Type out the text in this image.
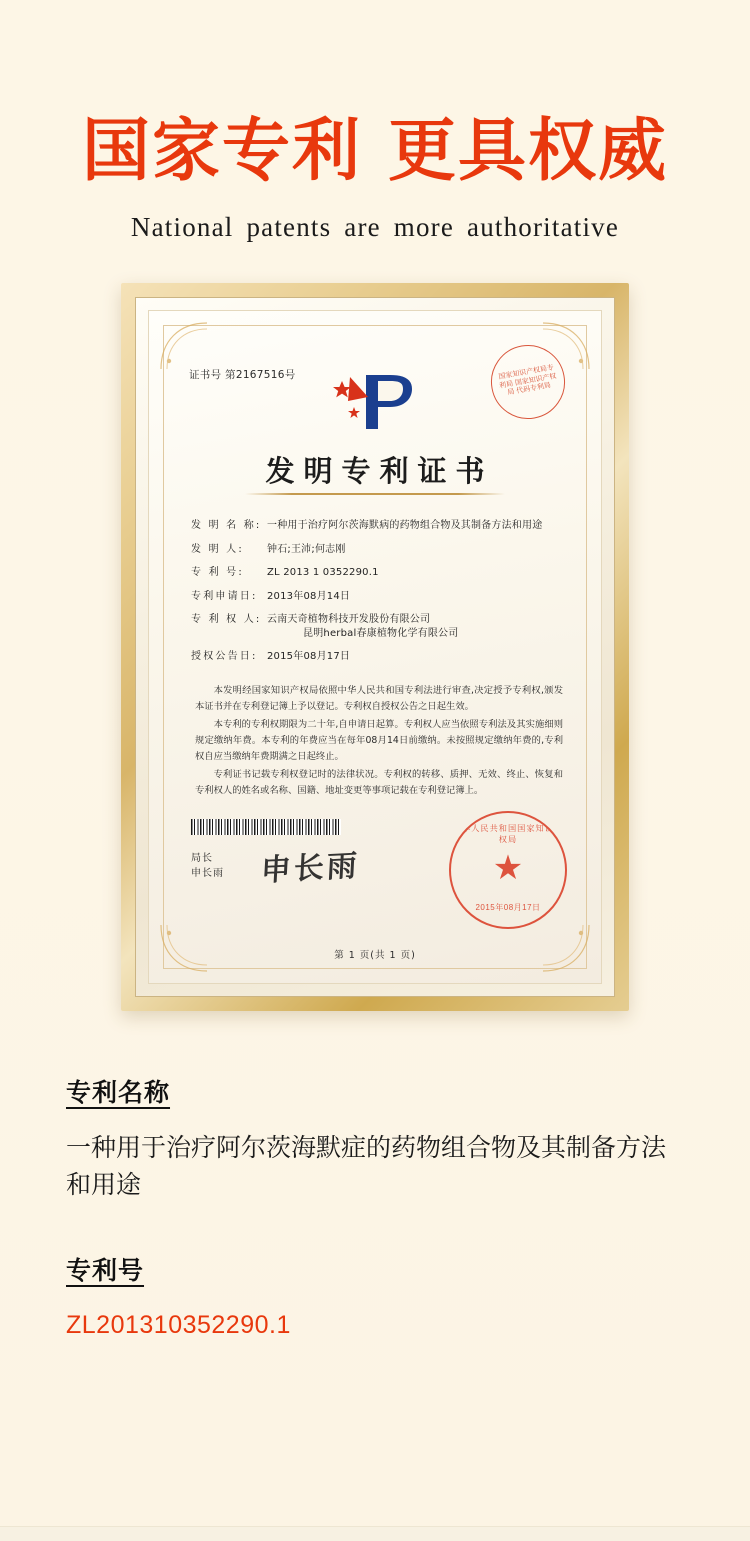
国家专利 更具权威
National patents are more authoritative
证书号 第2167516号	国家知识产权局专利局 国家知识产权局 代码专利局
发明专利证书
发 明 名 称: 一种用于治疗阿尔茨海默病的药物组合物及其制备方法和用途
发 明 人:	钟石;王沛;何志刚
专 利 号:	ZL 2013 1 0352290.1
专利申请日: 2013年08月14日
专 利 权 人: 云南天奇植物科技开发股份有限公司
昆明herbal春康植物化学有限公司
授权公告日: 2015年08月17日

本发明经国家知识产权局依照中华人民共和国专利法进行审查,决定授予专利权,颁发本证书并在专利登记簿上予以登记。专利权自授权公告之日起生效。

本专利的专利权期限为二十年,自申请日起算。专利权人应当依照专利法及其实施细则规定缴纳年费。本专利的年费应当在每年08月14日前缴纳。未按照规定缴纳年费的,专利权自应当缴纳年费期满之日起终止。

专利证书记载专利权登记时的法律状况。专利权的转移、质押、无效、终止、恢复和专利权人的姓名或名称、国籍、地址变更等事项记载在专利登记簿上。

局长
申长雨 申长雨
中华人民共和国国家知识产权局
★
2015年08月17日
第 1 页(共 1 页)
专利名称

一种用于治疗阿尔茨海默症的药物组合物及其制备方法和用途

专利号

ZL201310352290.1
